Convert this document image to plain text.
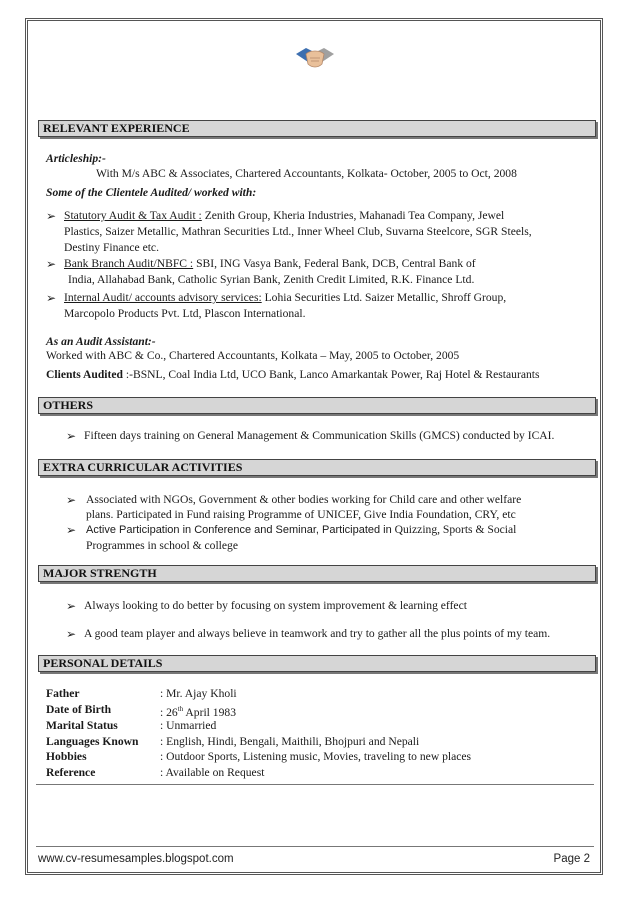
RELEVANT EXPERIENCE
Articleship:-
With M/s ABC & Associates, Chartered Accountants, Kolkata- October, 2005 to Oct, 2008
Some of the Clientele Audited/ worked with:
➢ Statutory Audit & Tax Audit : Zenith Group, Kheria Industries, Mahanadi Tea Company, Jewel
Plastics, Saizer Metallic, Mathran Securities Ltd., Inner Wheel Club, Suvarna Steelcore, SGR Steels,
Destiny Finance etc.
➢ Bank Branch Audit/NBFC : SBI, ING Vasya Bank, Federal Bank, DCB, Central Bank of
India, Allahabad Bank, Catholic Syrian Bank, Zenith Credit Limited, R.K. Finance Ltd.
➢ Internal Audit/ accounts advisory services: Lohia Securities Ltd. Saizer Metallic, Shroff Group,
Marcopolo Products Pvt. Ltd, Plascon International.
As an Audit Assistant:-
Worked with ABC & Co., Chartered Accountants, Kolkata – May, 2005 to October, 2005
Clients Audited :-BSNL, Coal India Ltd, UCO Bank, Lanco Amarkantak Power, Raj Hotel & Restaurants
OTHERS
➢ Fifteen days training on General Management & Communication Skills (GMCS) conducted by ICAI.
EXTRA CURRICULAR ACTIVITIES
➢ Associated with NGOs, Government & other bodies working for Child care and other welfare
plans. Participated in Fund raising Programme of UNICEF, Give India Foundation, CRY, etc
➢ Active Participation in Conference and Seminar, Participated in Quizzing, Sports & Social
Programmes in school & college
MAJOR STRENGTH
➢ Always looking to do better by focusing on system improvement & learning effect
➢ A good team player and always believe in teamwork and try to gather all the plus points of my team.
PERSONAL DETAILS
Father	: Mr. Ajay Kholi
Date of Birth	: 26th April 1983
Marital Status	: Unmarried
Languages Known : English, Hindi, Bengali, Maithili, Bhojpuri and Nepali
Hobbies	: Outdoor Sports, Listening music, Movies, traveling to new places
Reference	: Available on Request
www.cv-resumesamples.blogspot.com	Page 2
